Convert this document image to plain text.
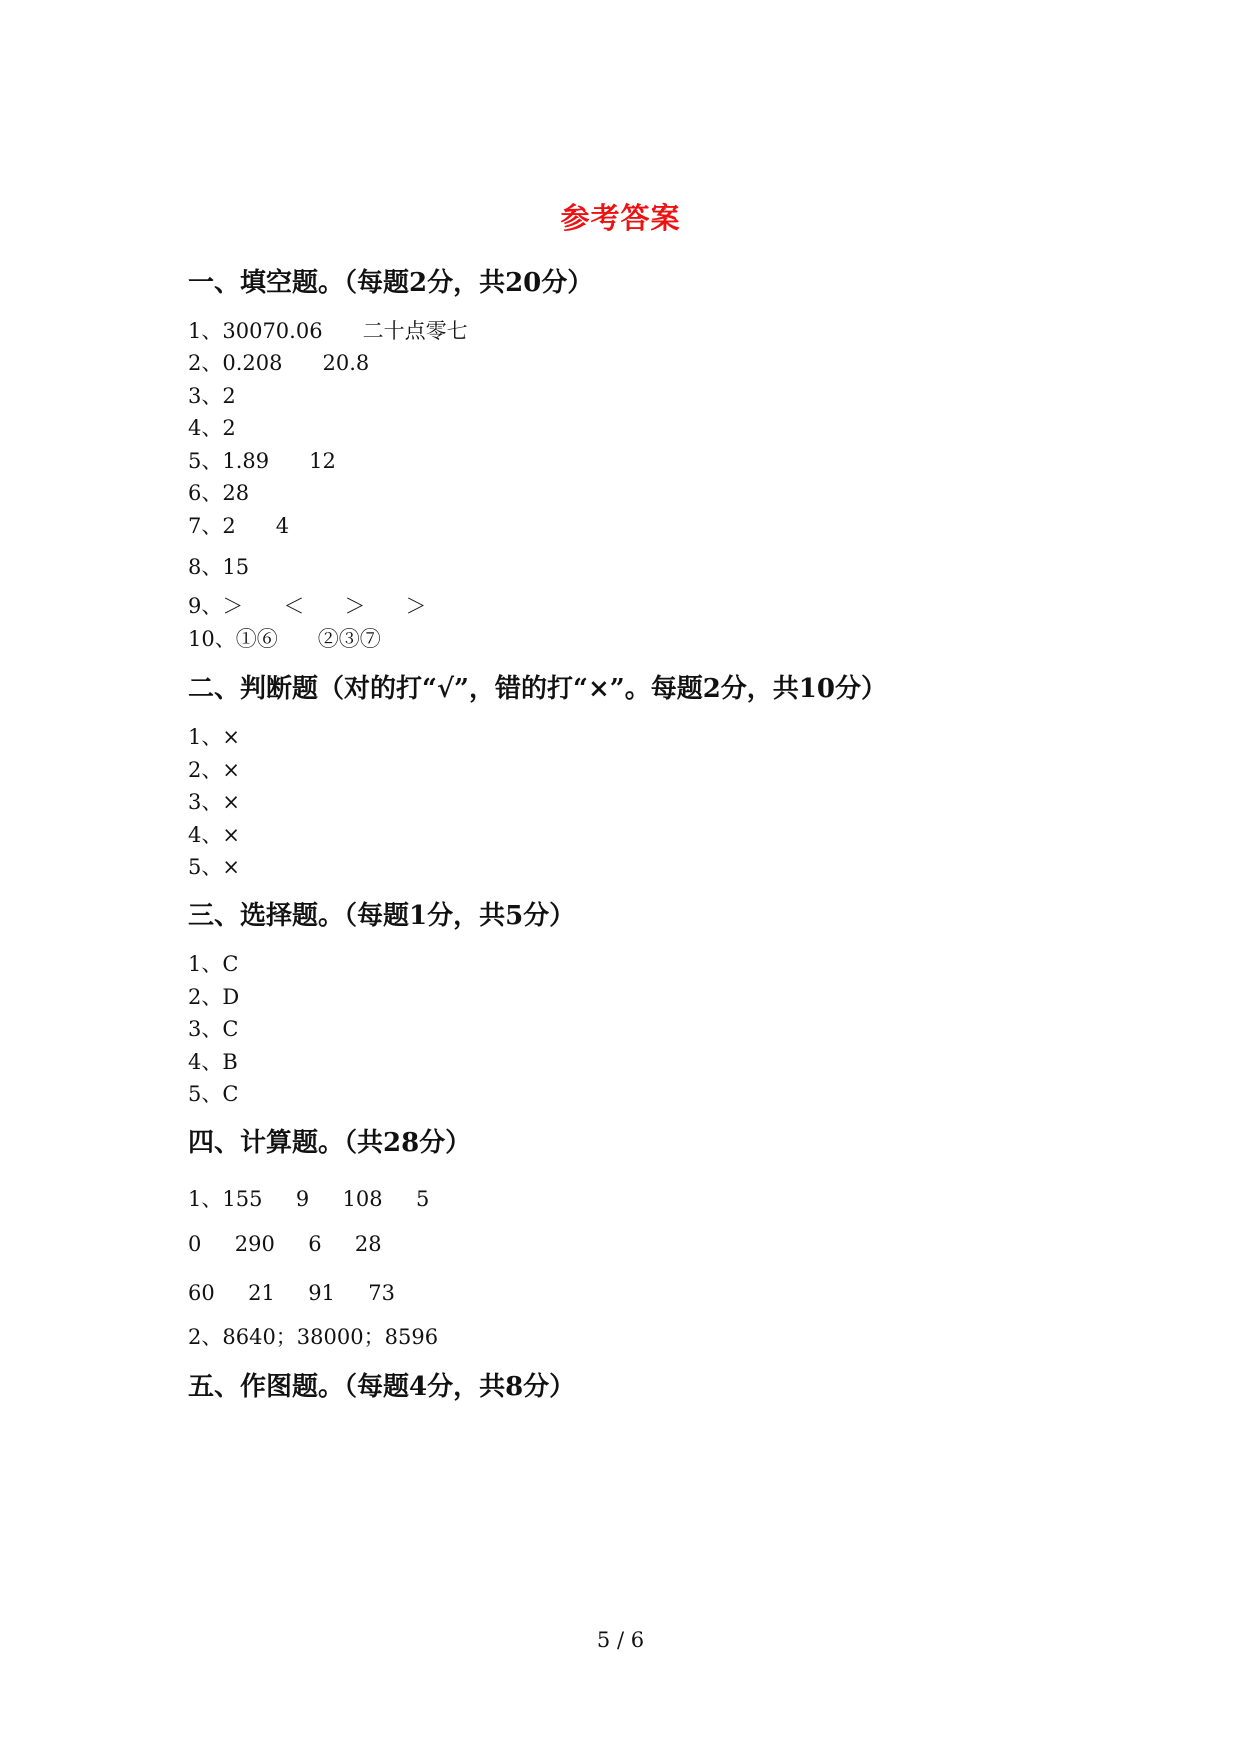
参考答案
一、填空题。（每题2分，共20分）
1、30070.06      二十点零七
2、0.208      20.8
3、2
4、2
5、1.89      12
6、28
7、2      4
8、15
9、＞      ＜      ＞      ＞
10、①⑥      ②③⑦
二、判断题（对的打“√”，错的打“×”。每题2分，共10分）
1、×
2、×
3、×
4、×
5、×
三、选择题。（每题1分，共5分）
1、C
2、D
3、C
4、B
5、C
四、计算题。（共28分）
1、155     9     108     5
0     290     6     28
60     21     91     73
2、8640；38000；8596
五、作图题。（每题4分，共8分）
5 / 6
